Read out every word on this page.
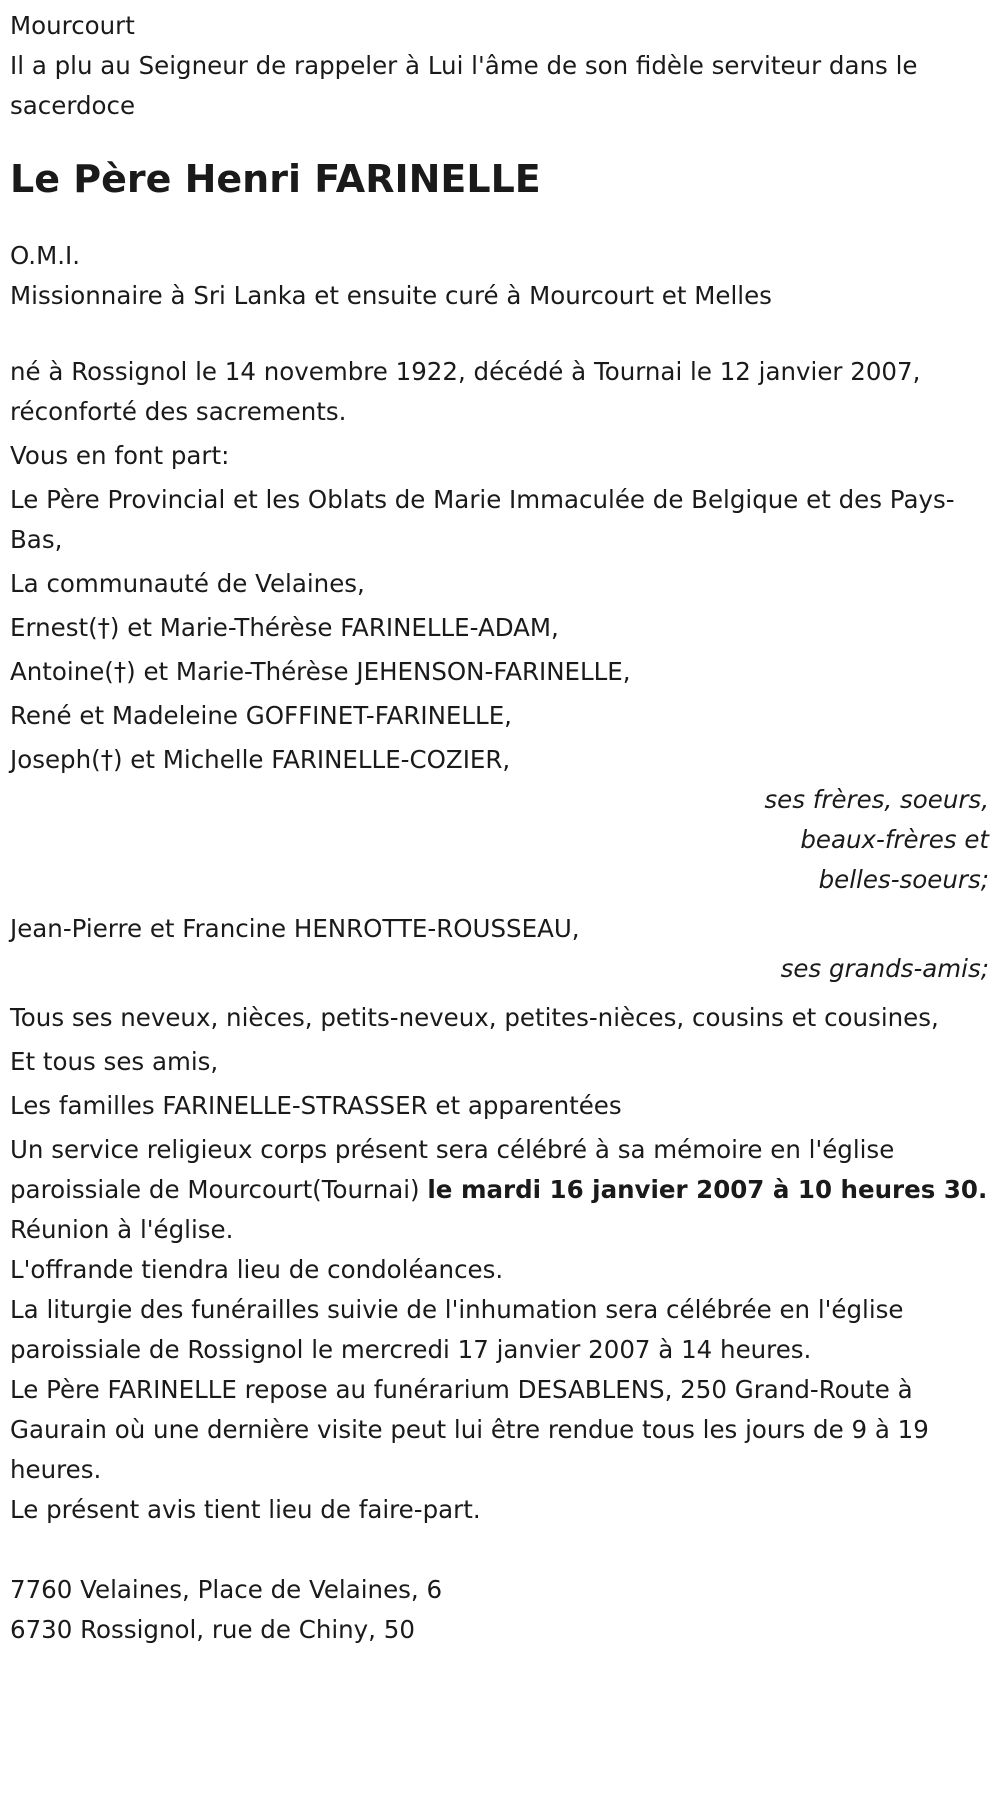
Mourcourt

Il a plu au Seigneur de rappeler à Lui l'âme de son fidèle serviteur dans le sacerdoce

Le Père Henri FARINELLE

O.M.I.

Missionnaire à Sri Lanka et ensuite curé à Mourcourt et Melles

né à Rossignol le 14 novembre 1922, décédé à Tournai le 12 janvier 2007, réconforté des sacrements.

Vous en font part:

Le Père Provincial et les Oblats de Marie Immaculée de Belgique et des Pays-Bas,

La communauté de Velaines,

Ernest(†) et Marie-Thérèse FARINELLE-ADAM,

Antoine(†) et Marie-Thérèse JEHENSON-FARINELLE,

René et Madeleine GOFFINET-FARINELLE,

Joseph(†) et Michelle FARINELLE-COZIER,

ses frères, soeurs,

beaux-frères et

belles-soeurs;

Jean-Pierre et Francine HENROTTE-ROUSSEAU,

ses grands-amis;

Tous ses neveux, nièces, petits-neveux, petites-nièces, cousins et cousines,

Et tous ses amis,

Les familles FARINELLE-STRASSER et apparentées

Un service religieux corps présent sera célébré à sa mémoire en l'église paroissiale de Mourcourt(Tournai) le mardi 16 janvier 2007 à 10 heures 30.

Réunion à l'église.

L'offrande tiendra lieu de condoléances.

La liturgie des funérailles suivie de l'inhumation sera célébrée en l'église paroissiale de Rossignol le mercredi 17 janvier 2007 à 14 heures.

Le Père FARINELLE repose au funérarium DESABLENS, 250 Grand-Route à Gaurain où une dernière visite peut lui être rendue tous les jours de 9 à 19 heures.

Le présent avis tient lieu de faire-part.

7760 Velaines, Place de Velaines, 6

6730 Rossignol, rue de Chiny, 50
